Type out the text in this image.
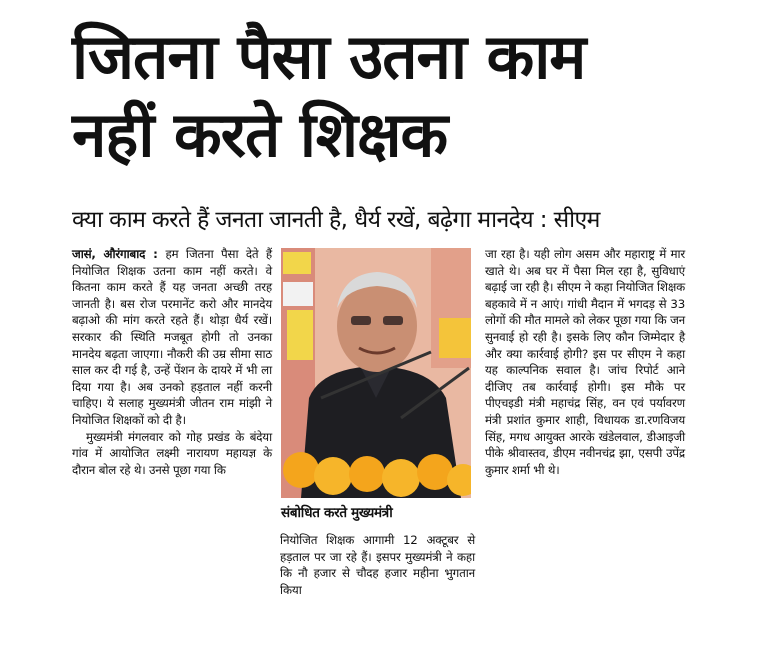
जितना पैसा उतना काम
नहीं करते शिक्षक
क्या काम करते हैं जनता जानती है, धैर्य रखें, बढ़ेगा मानदेय : सीएम

जासं, औरंगाबाद : हम जितना पैसा देते हैं नियोजित शिक्षक उतना काम नहीं करते। वे कितना काम करते हैं यह जनता अच्छी तरह जानती है। बस रोज परमानेंट करो और मानदेय बढ़ाओ की मांग करते रहते हैं। थोड़ा धैर्य रखें। सरकार की स्थिति मजबूत होगी तो उनका मानदेय बढ़ता जाएगा। नौकरी की उम्र सीमा साठ साल कर दी गई है, उन्हें पेंशन के दायरे में भी ला दिया गया है। अब उनको हड़ताल नहीं करनी चाहिए। ये सलाह मुख्यमंत्री जीतन राम मांझी ने नियोजित शिक्षकों को दी है।

मुख्यमंत्री मंगलवार को गोह प्रखंड के बंदेया गांव में आयोजित लक्ष्मी नारायण महायज्ञ के दौरान बोल रहे थे। उनसे पूछा गया कि

संबोधित करते मुख्यमंत्री

नियोजित शिक्षक आगामी 12 अक्टूबर से हड़ताल पर जा रहे हैं। इसपर मुख्यमंत्री ने कहा कि नौ हजार से चौदह हजार महीना भुगतान किया

जा रहा है। यही लोग असम और महाराष्ट्र में मार खाते थे। अब घर में पैसा मिल रहा है, सुविधाएं बढ़ाई जा रही है। सीएम ने कहा नियोजित शिक्षक बहकावे में न आएं। गांधी मैदान में भगदड़ से 33 लोगों की मौत मामले को लेकर पूछा गया कि जन सुनवाई हो रही है। इसके लिए कौन जिम्मेदार है और क्या कार्रवाई होगी? इस पर सीएम ने कहा यह काल्पनिक सवाल है। जांच रिपोर्ट आने दीजिए तब कार्रवाई होगी। इस मौके पर पीएचइडी मंत्री महाचंद्र सिंह, वन एवं पर्यावरण मंत्री प्रशांत कुमार शाही, विधायक डा.रणविजय सिंह, मगध आयुक्त आरके खंडेलवाल, डीआइजी पीके श्रीवास्तव, डीएम नवीनचंद्र झा, एसपी उपेंद्र कुमार शर्मा भी थे।
